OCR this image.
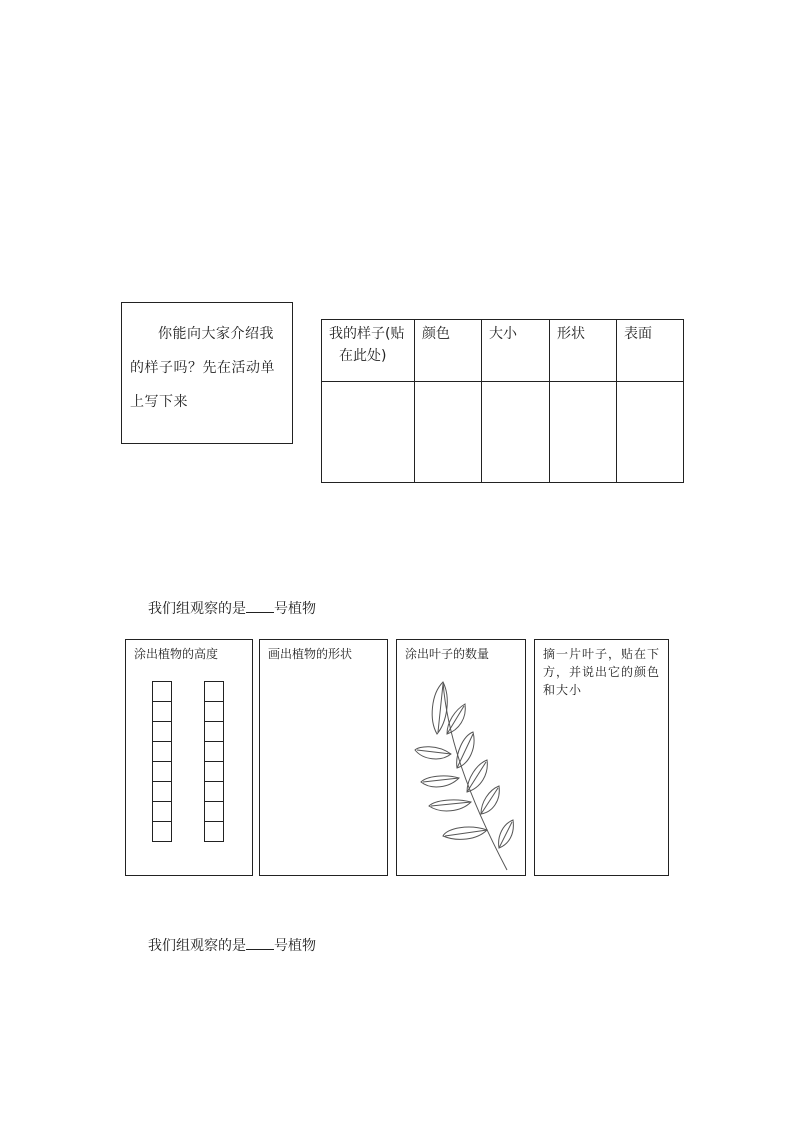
你能向大家介绍我
的样子吗？先在活动单
上写下来
我的样子(贴
在此处)	颜色	大小	形状	表面

我们组观察的是 号植物
涂出植物的高度	画出植物的形状	涂出叶子的数量	摘一片叶子，贴在下
方，并说出它的颜色
和大小
我们组观察的是 号植物
